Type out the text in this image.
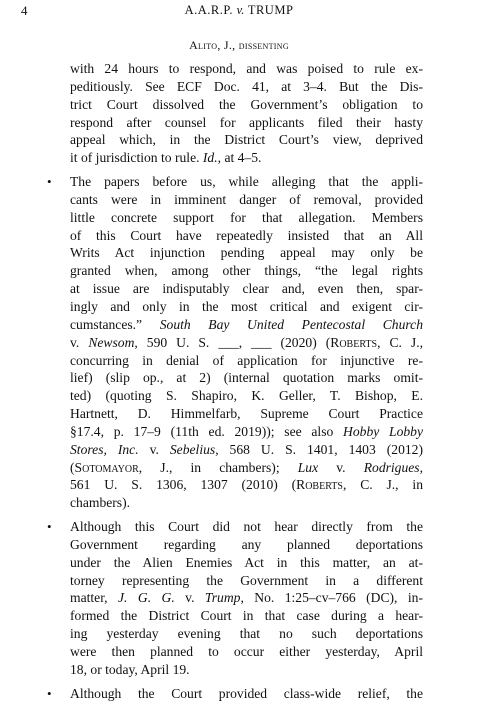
4	A.A.R.P. v. TRUMP
Alito, J., dissenting
with 24 hours to respond, and was poised to rule ex-
peditiously. See ECF Doc. 41, at 3–4. But the Dis-
trict Court dissolved the Government’s obligation to
respond after counsel for applicants filed their hasty
appeal which, in the District Court’s view, deprived
it of jurisdiction to rule. Id., at 4–5.
• The papers before us, while alleging that the appli-
cants were in imminent danger of removal, provided
little concrete support for that allegation. Members
of this Court have repeatedly insisted that an All
Writs Act injunction pending appeal may only be
granted when, among other things, “the legal rights
at issue are indisputably clear and, even then, spar-
ingly and only in the most critical and exigent cir-
cumstances.” South Bay United Pentecostal Church
v. Newsom, 590 U. S. ___, ___ (2020) (Roberts, C. J.,
concurring in denial of application for injunctive re-
lief) (slip op., at 2) (internal quotation marks omit-
ted) (quoting S. Shapiro, K. Geller, T. Bishop, E.
Hartnett, D. Himmelfarb, Supreme Court Practice
§17.4, p. 17–9 (11th ed. 2019)); see also Hobby Lobby
Stores, Inc. v. Sebelius, 568 U. S. 1401, 1403 (2012)
(Sotomayor, J., in chambers); Lux v. Rodrigues,
561 U. S. 1306, 1307 (2010) (Roberts, C. J., in
chambers).
• Although this Court did not hear directly from the
Government regarding any planned deportations
under the Alien Enemies Act in this matter, an at-
torney representing the Government in a different
matter, J. G. G. v. Trump, No. 1:25–cv–766 (DC), in-
formed the District Court in that case during a hear-
ing yesterday evening that no such deportations
were then planned to occur either yesterday, April
18, or today, April 19.
• Although the Court provided class-wide relief, the
